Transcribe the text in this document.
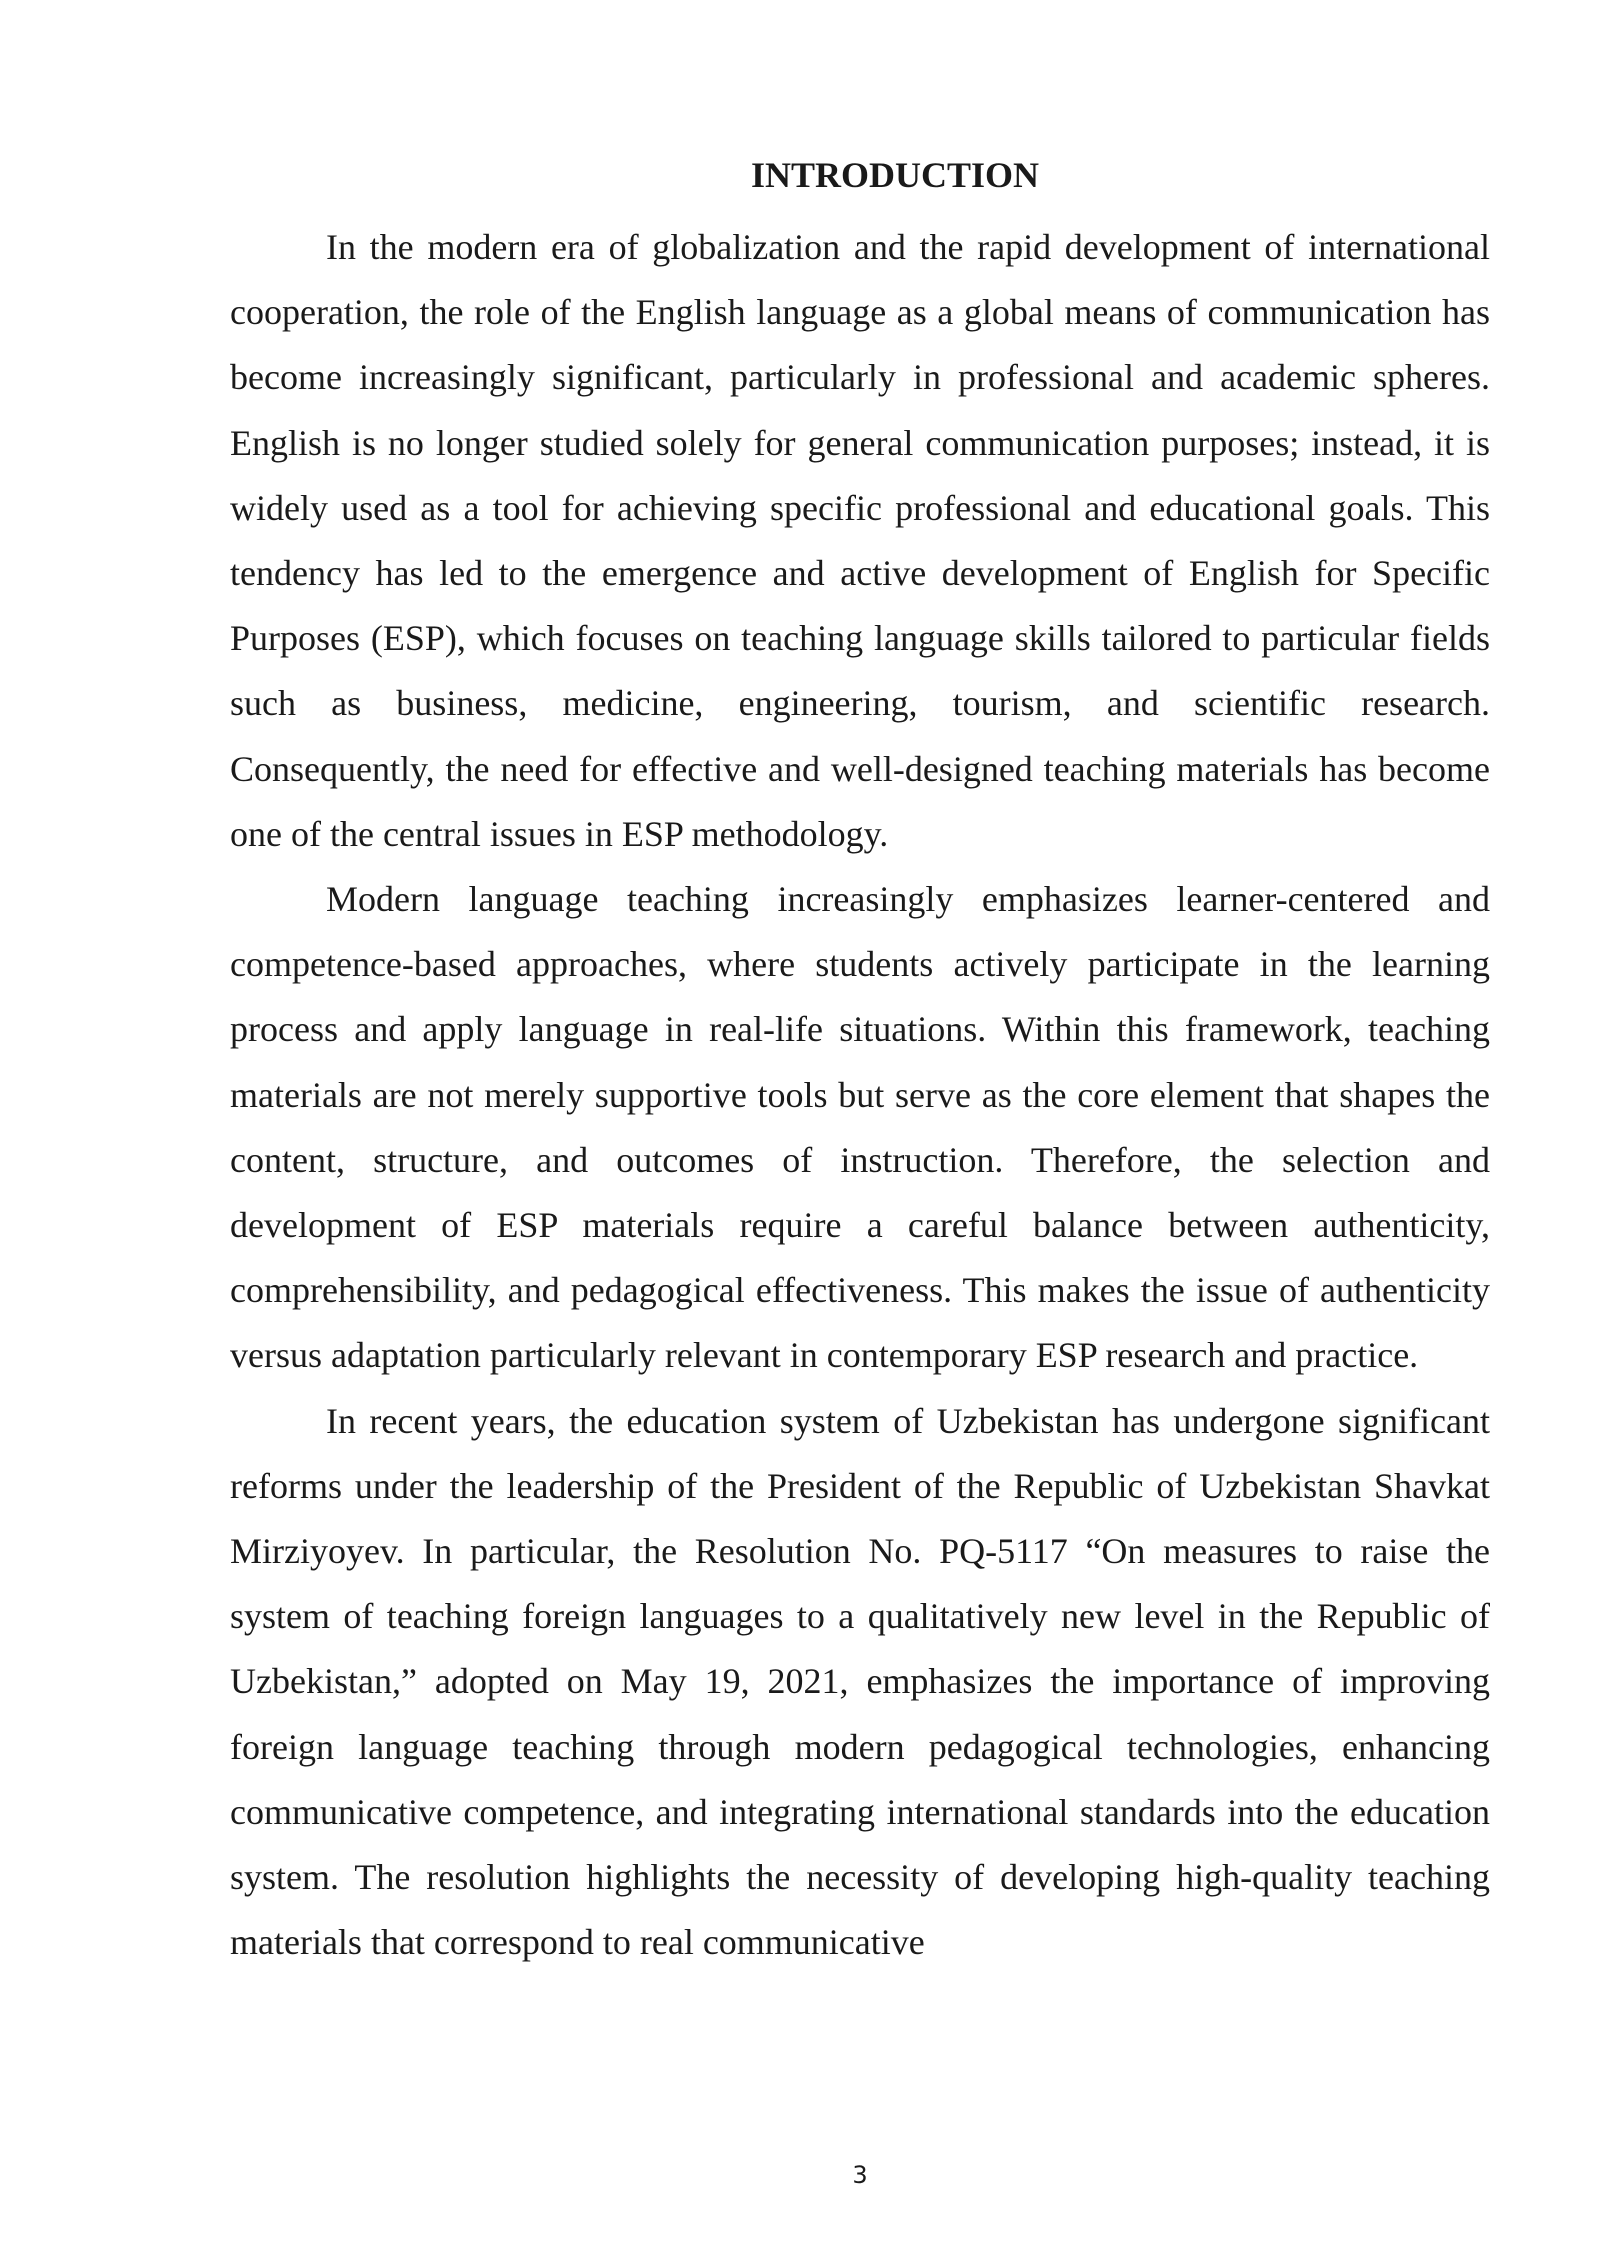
INTRODUCTION

In the modern era of globalization and the rapid development of international cooperation, the role of the English language as a global means of communication has become increasingly significant, particularly in professional and academic spheres. English is no longer studied solely for general communication purposes; instead, it is widely used as a tool for achieving specific professional and educational goals. This tendency has led to the emergence and active development of English for Specific Purposes (ESP), which focuses on teaching language skills tailored to particular fields such as business, medicine, engineering, tourism, and scientific research. Consequently, the need for effective and well-designed teaching materials has become one of the central issues in ESP methodology.

Modern language teaching increasingly emphasizes learner-centered and competence-based approaches, where students actively participate in the learning process and apply language in real-life situations. Within this framework, teaching materials are not merely supportive tools but serve as the core element that shapes the content, structure, and outcomes of instruction. Therefore, the selection and development of ESP materials require a careful balance between authenticity, comprehensibility, and pedagogical effectiveness. This makes the issue of authenticity versus adaptation particularly relevant in contemporary ESP research and practice.

In recent years, the education system of Uzbekistan has undergone significant reforms under the leadership of the President of the Republic of Uzbekistan Shavkat Mirziyoyev. In particular, the Resolution No. PQ-5117 “On measures to raise the system of teaching foreign languages to a qualitatively new level in the Republic of Uzbekistan,” adopted on May 19, 2021, emphasizes the importance of improving foreign language teaching through modern pedagogical technologies, enhancing communicative competence, and integrating international standards into the education system. The resolution highlights the necessity of developing high-quality teaching materials that correspond to real communicative

3
